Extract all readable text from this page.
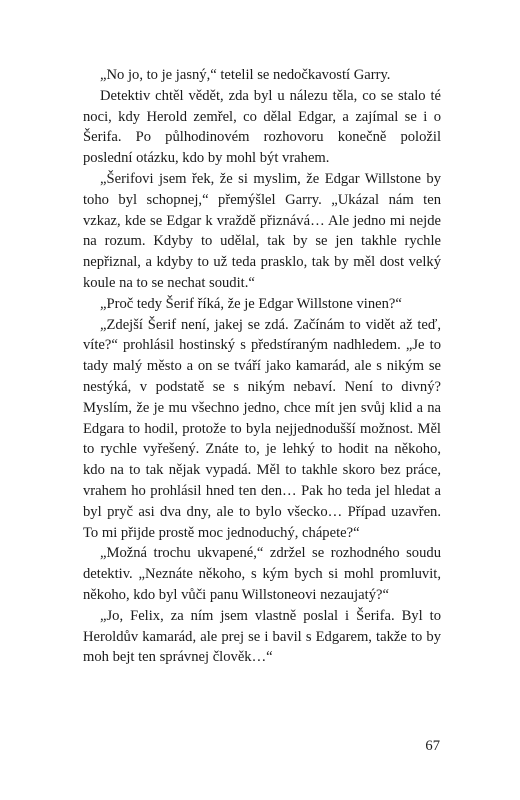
„No jo, to je jasný,“ tetelil se nedočkavostí Garry.

Detektiv chtěl vědět, zda byl u nálezu těla, co se stalo té noci, kdy Herold zemřel, co dělal Edgar, a zajímal se i o Šerifa. Po půlhodinovém rozhovoru konečně položil poslední otázku, kdo by mohl být vrahem.

„Šerifovi jsem řek, že si myslim, že Edgar Willstone by toho byl schopnej,“ přemýšlel Garry. „Ukázal nám ten vzkaz, kde se Edgar k vraždě přiznává… Ale jedno mi nejde na rozum. Kdyby to udělal, tak by se jen takhle rychle nepřiznal, a kdyby to už teda prasklo, tak by měl dost velký koule na to se nechat soudit.“

„Proč tedy Šerif říká, že je Edgar Willstone vinen?“

„Zdejší Šerif není, jakej se zdá. Začínám to vidět až teď, víte?“ prohlásil hostinský s předstíraným nadhledem. „Je to tady malý město a on se tváří jako kamarád, ale s nikým se nestýká, v podstatě se s nikým nebaví. Není to divný? Myslím, že je mu všechno jedno, chce mít jen svůj klid a na Edgara to hodil, protože to byla nejjednodušší možnost. Měl to rychle vyřešený. Znáte to, je lehký to hodit na někoho, kdo na to tak nějak vypadá. Měl to takhle skoro bez práce, vrahem ho prohlásil hned ten den… Pak ho teda jel hledat a byl pryč asi dva dny, ale to bylo všecko… Případ uzavřen. To mi přijde prostě moc jednoduchý, chápete?“

„Možná trochu ukvapené,“ zdržel se rozhodného soudu detektiv. „Neznáte někoho, s kým bych si mohl promluvit, někoho, kdo byl vůči panu Willstoneovi nezaujatý?“

„Jo, Felix, za ním jsem vlastně poslal i Šerifa. Byl to Heroldův kamarád, ale prej se i bavil s Edgarem, takže to by moh bejt ten správnej člověk…“

67
